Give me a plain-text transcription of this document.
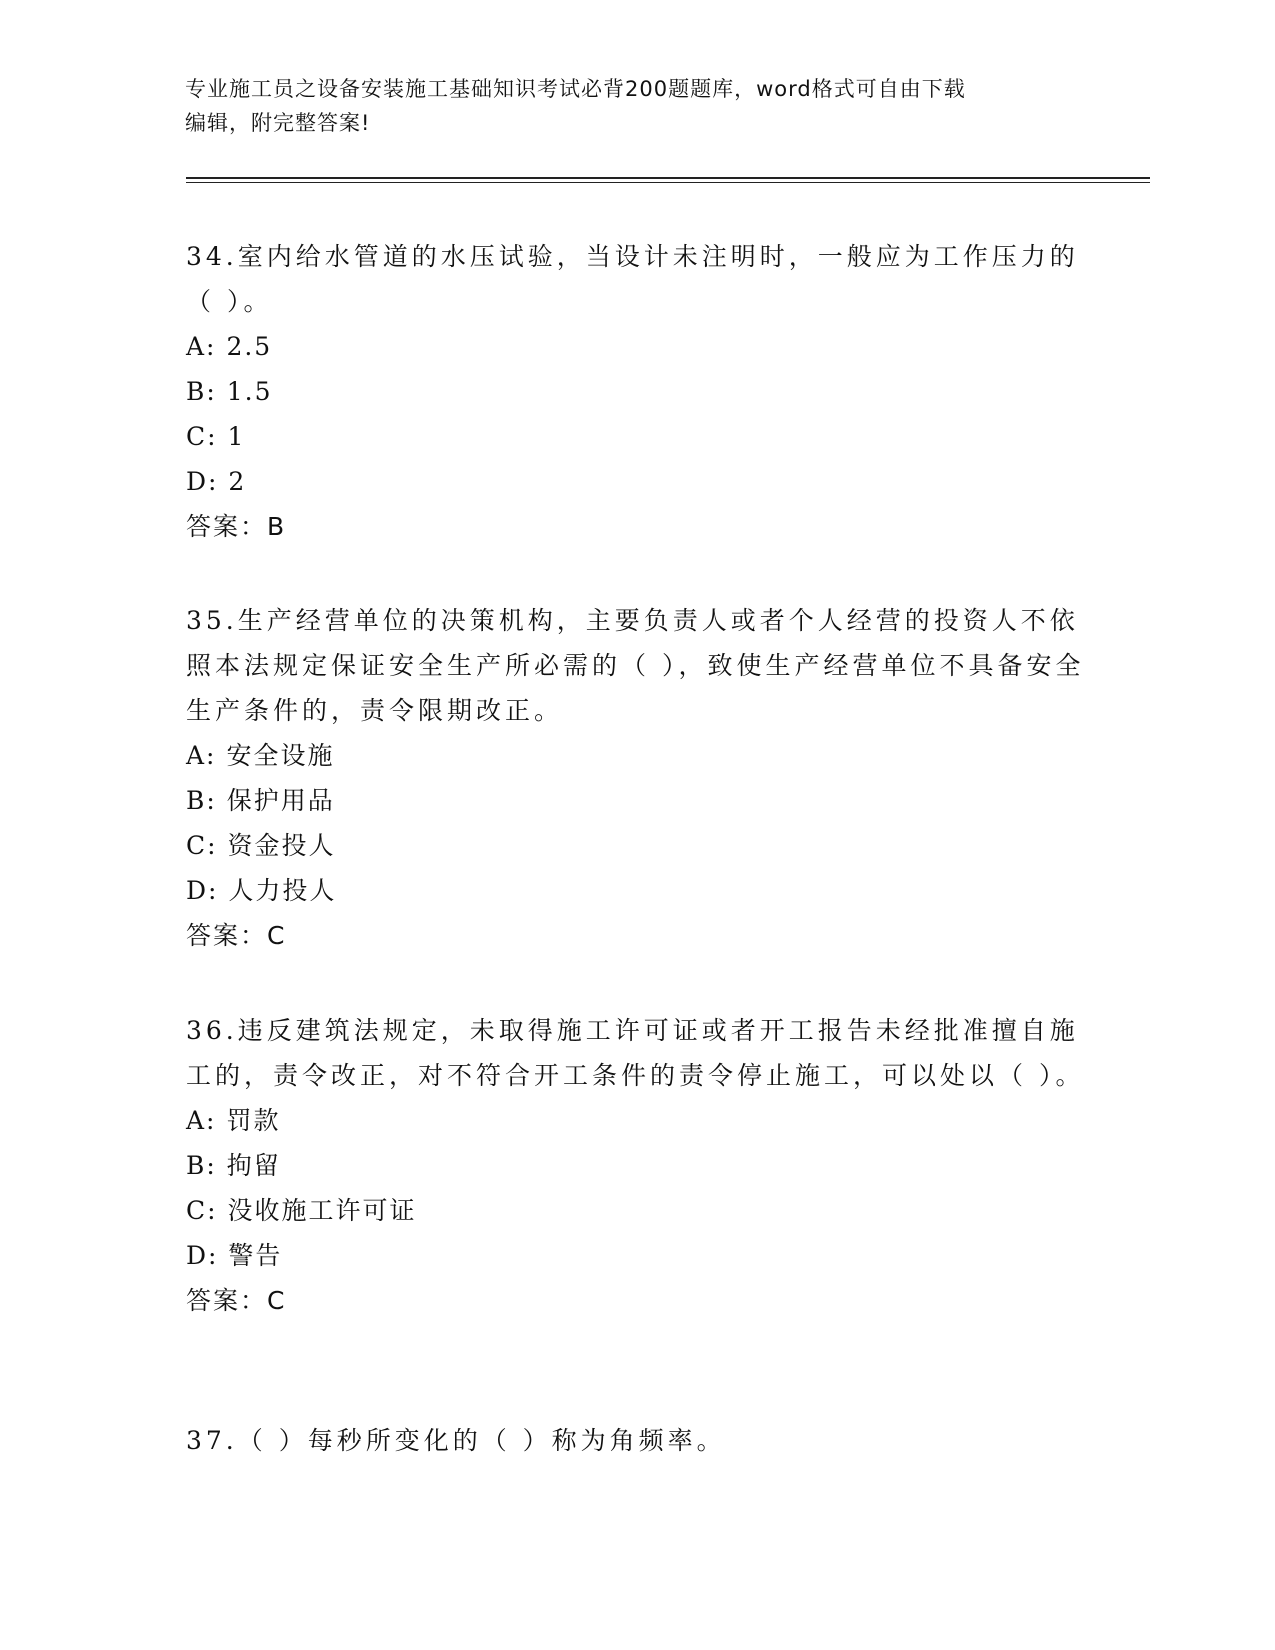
专业施工员之设备安装施工基础知识考试必背200题题库，word格式可自由下载
编辑，附完整答案!

34.室内给水管道的水压试验，当设计未注明时，一般应为工作压力的（ ）。

A: 2.5
B: 1.5
C: 1
D: 2
答案：B

35.生产经营单位的决策机构，主要负责人或者个人经营的投资人不依照本法规定保证安全生产所必需的（ ），致使生产经营单位不具备安全生产条件的，责令限期改正。

A: 安全设施
B: 保护用品
C: 资金投人
D: 人力投人
答案：C

36.违反建筑法规定，未取得施工许可证或者开工报告未经批准擅自施工的，责令改正，对不符合开工条件的责令停止施工，可以处以（ ）。

A: 罚款
B: 拘留
C: 没收施工许可证
D: 警告
答案：C

37.（ ）每秒所变化的（ ）称为角频率。
